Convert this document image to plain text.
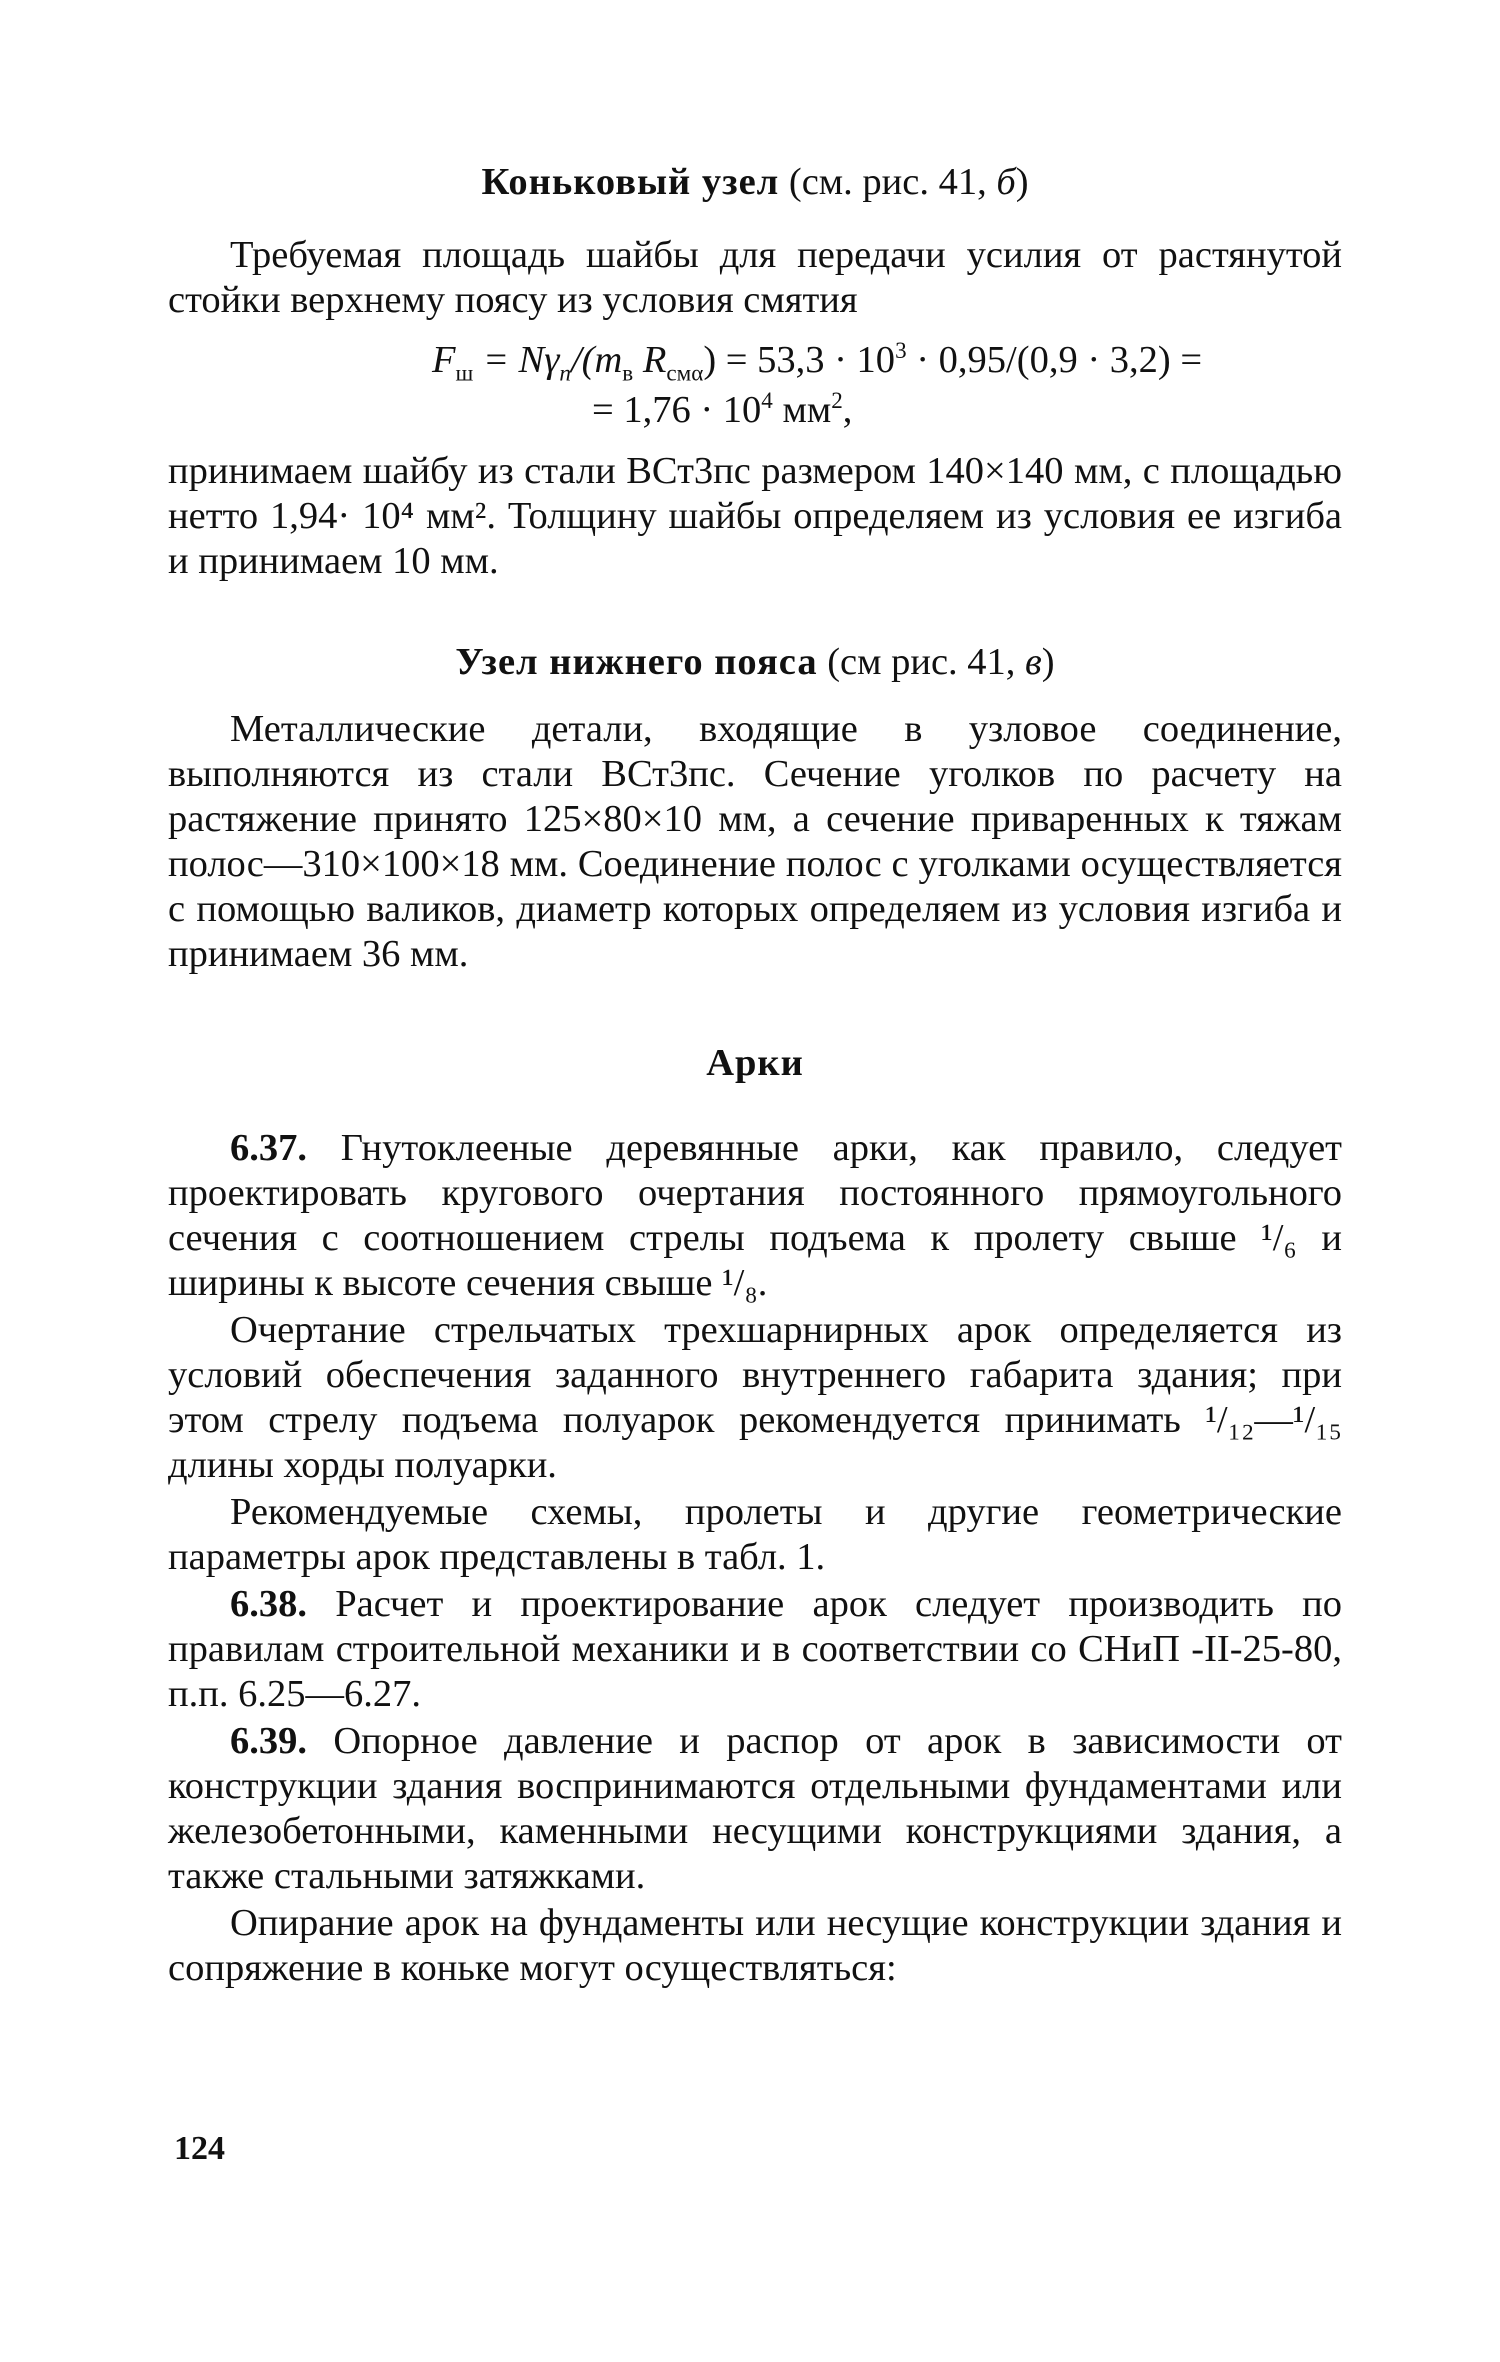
Коньковый узел (см. рис. 41, б)

Требуемая площадь шайбы для передачи усилия от растянутой стойки верхнему поясу из условия смятия

$F_ш = N\gamma_n/(m_в$ $R_{см\alpha}) = 53,3 \cdot 10^3 \cdot 0,95/(0,9 \cdot 3,2)$ =
= $1,76 \cdot 10^4$ $мм^2$,

принимаем шайбу из стали ВСт3пс размером 140×140 мм, с площадью нетто 1,94· 10⁴ мм². Толщину шайбы определяем из условия ее изгиба и принимаем 10 мм.

Узел нижнего пояса (см рис. 41, в)

Металлические детали, входящие в узловое соединение, выполняются из стали ВСт3пс. Сечение уголков по расчету на растяжение принято 125×80×10 мм, а сечение приваренных к тяжам полос—310×100×18 мм. Соединение полос с уголками осуществляется с помощью валиков, диаметр которых определяем из условия изгиба и принимаем 36 мм.

Арки

6.37. Гнутоклееные деревянные арки, как правило, следует проектировать кругового очертания постоянного прямоугольного сечения с соотношением стрелы подъема к пролету свыше ¹/₆ и ширины к высоте сечения свыше ¹/₈.

Очертание стрельчатых трехшарнирных арок определяется из условий обеспечения заданного внутреннего габарита здания; при этом стрелу подъема полуарок рекомендуется принимать ¹/₁₂—¹/₁₅ длины хорды полуарки.

Рекомендуемые схемы, пролеты и другие геометрические параметры арок представлены в табл. 1.

6.38. Расчет и проектирование арок следует производить по правилам строительной механики и в соответствии со СНиП -II-25-80, п.п. 6.25—6.27.

6.39. Опорное давление и распор от арок в зависимости от конструкции здания воспринимаются отдельными фундаментами или железобетонными, каменными несущими конструкциями здания, а также стальными затяжками.

Опирание арок на фундаменты или несущие конструкции здания и сопряжение в коньке могут осуществляться:

124
